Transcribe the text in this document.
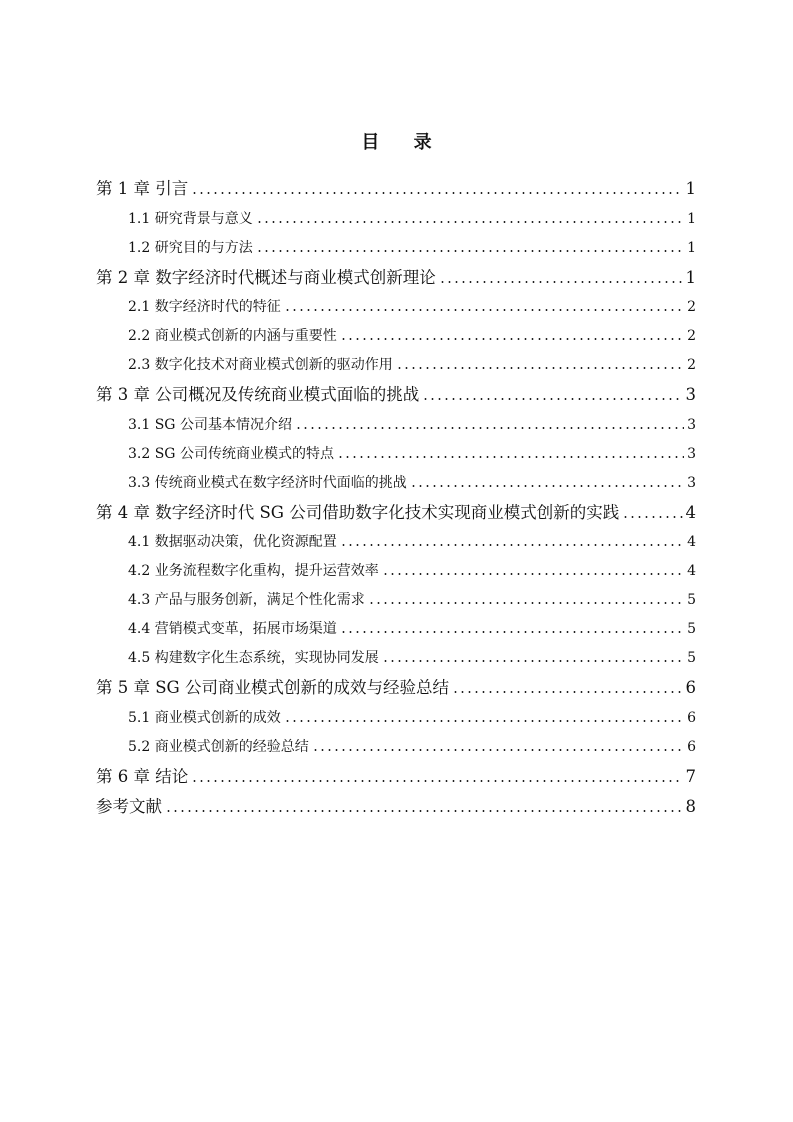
目 录
第 1 章 引言	1
1.1 研究背景与意义	1
1.2 研究目的与方法	1
第 2 章 数字经济时代概述与商业模式创新理论	1
2.1 数字经济时代的特征	2
2.2 商业模式创新的内涵与重要性	2
2.3 数字化技术对商业模式创新的驱动作用	2
第 3 章 公司概况及传统商业模式面临的挑战	3
3.1 SG 公司基本情况介绍	3
3.2 SG 公司传统商业模式的特点	3
3.3 传统商业模式在数字经济时代面临的挑战	3
第 4 章 数字经济时代 SG 公司借助数字化技术实现商业模式创新的实践	4
4.1 数据驱动决策，优化资源配置	4
4.2 业务流程数字化重构，提升运营效率	4
4.3 产品与服务创新，满足个性化需求	5
4.4 营销模式变革，拓展市场渠道	5
4.5 构建数字化生态系统，实现协同发展	5
第 5 章 SG 公司商业模式创新的成效与经验总结	6
5.1 商业模式创新的成效	6
5.2 商业模式创新的经验总结	6
第 6 章 结论	7
参考文献	8
